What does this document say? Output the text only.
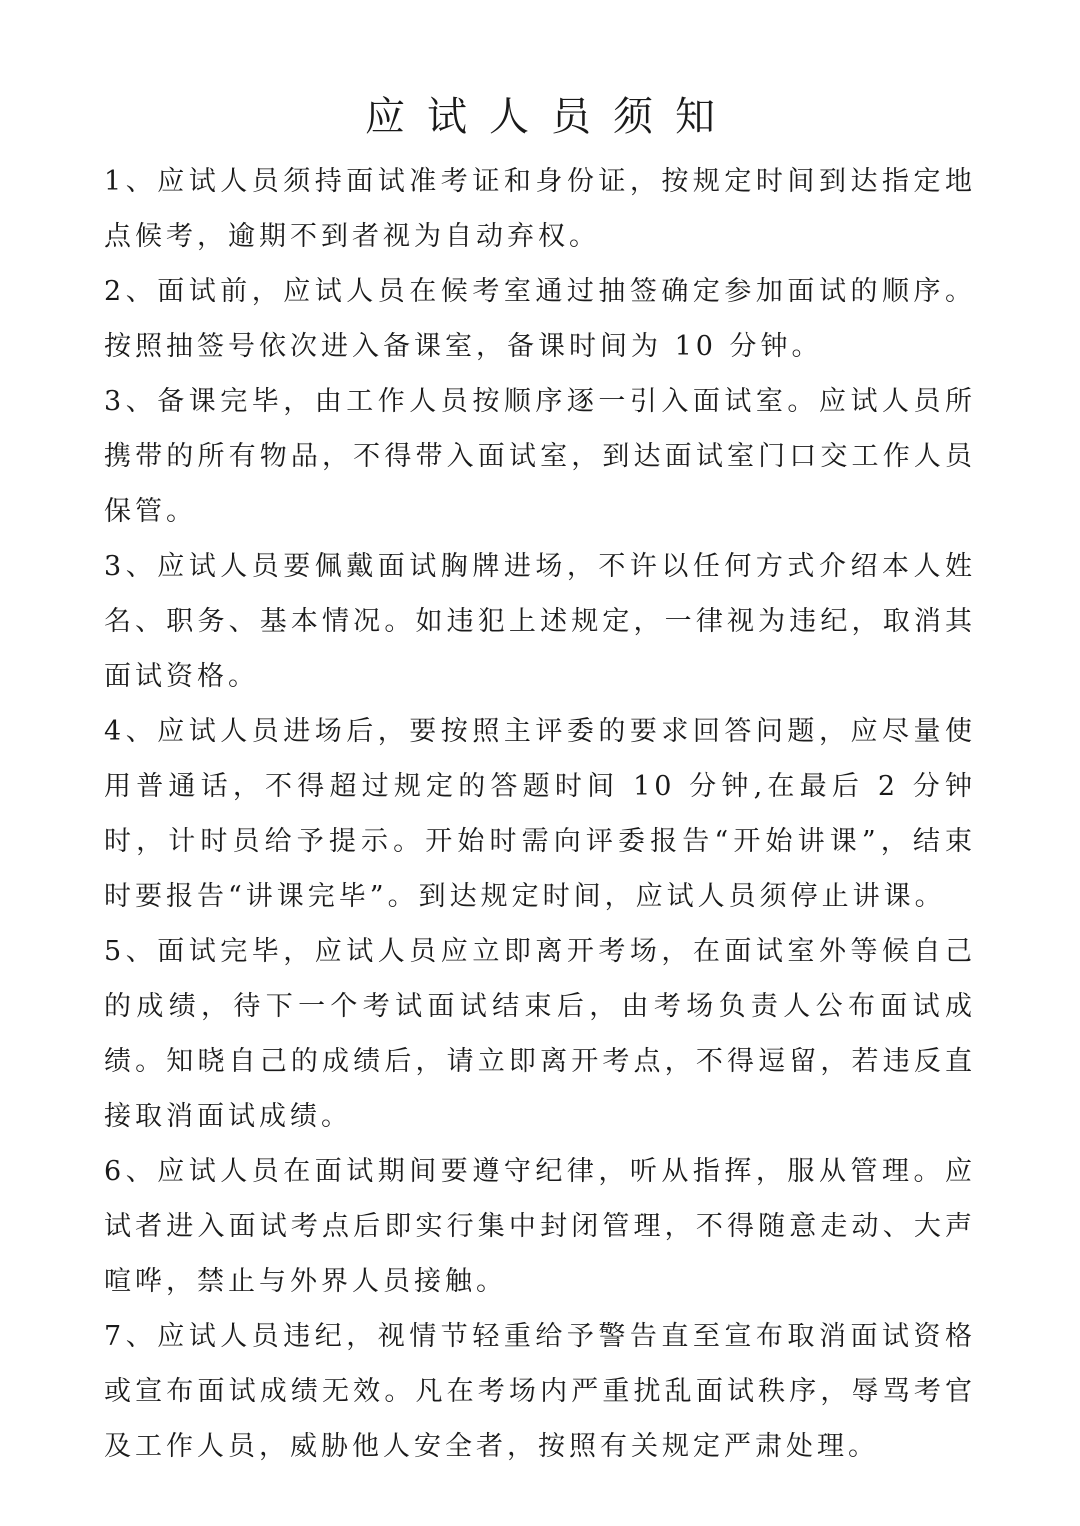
应试人员须知

1、应试人员须持面试准考证和身份证，按规定时间到达指定地点候考，逾期不到者视为自动弃权。

2、面试前，应试人员在候考室通过抽签确定参加面试的顺序。按照抽签号依次进入备课室，备课时间为 10 分钟。

3、备课完毕，由工作人员按顺序逐一引入面试室。应试人员所携带的所有物品，不得带入面试室，到达面试室门口交工作人员保管。

3、应试人员要佩戴面试胸牌进场，不许以任何方式介绍本人姓名、职务、基本情况。如违犯上述规定，一律视为违纪，取消其面试资格。

4、应试人员进场后，要按照主评委的要求回答问题，应尽量使用普通话，不得超过规定的答题时间 10 分钟,在最后 2 分钟时，计时员给予提示。开始时需向评委报告“开始讲课”，结束时要报告“讲课完毕”。到达规定时间，应试人员须停止讲课。

5、面试完毕，应试人员应立即离开考场，在面试室外等候自己的成绩，待下一个考试面试结束后，由考场负责人公布面试成绩。知晓自己的成绩后，请立即离开考点，不得逗留，若违反直接取消面试成绩。

6、应试人员在面试期间要遵守纪律，听从指挥，服从管理。应试者进入面试考点后即实行集中封闭管理，不得随意走动、大声喧哗，禁止与外界人员接触。

7、应试人员违纪，视情节轻重给予警告直至宣布取消面试资格或宣布面试成绩无效。凡在考场内严重扰乱面试秩序，辱骂考官及工作人员，威胁他人安全者，按照有关规定严肃处理。
